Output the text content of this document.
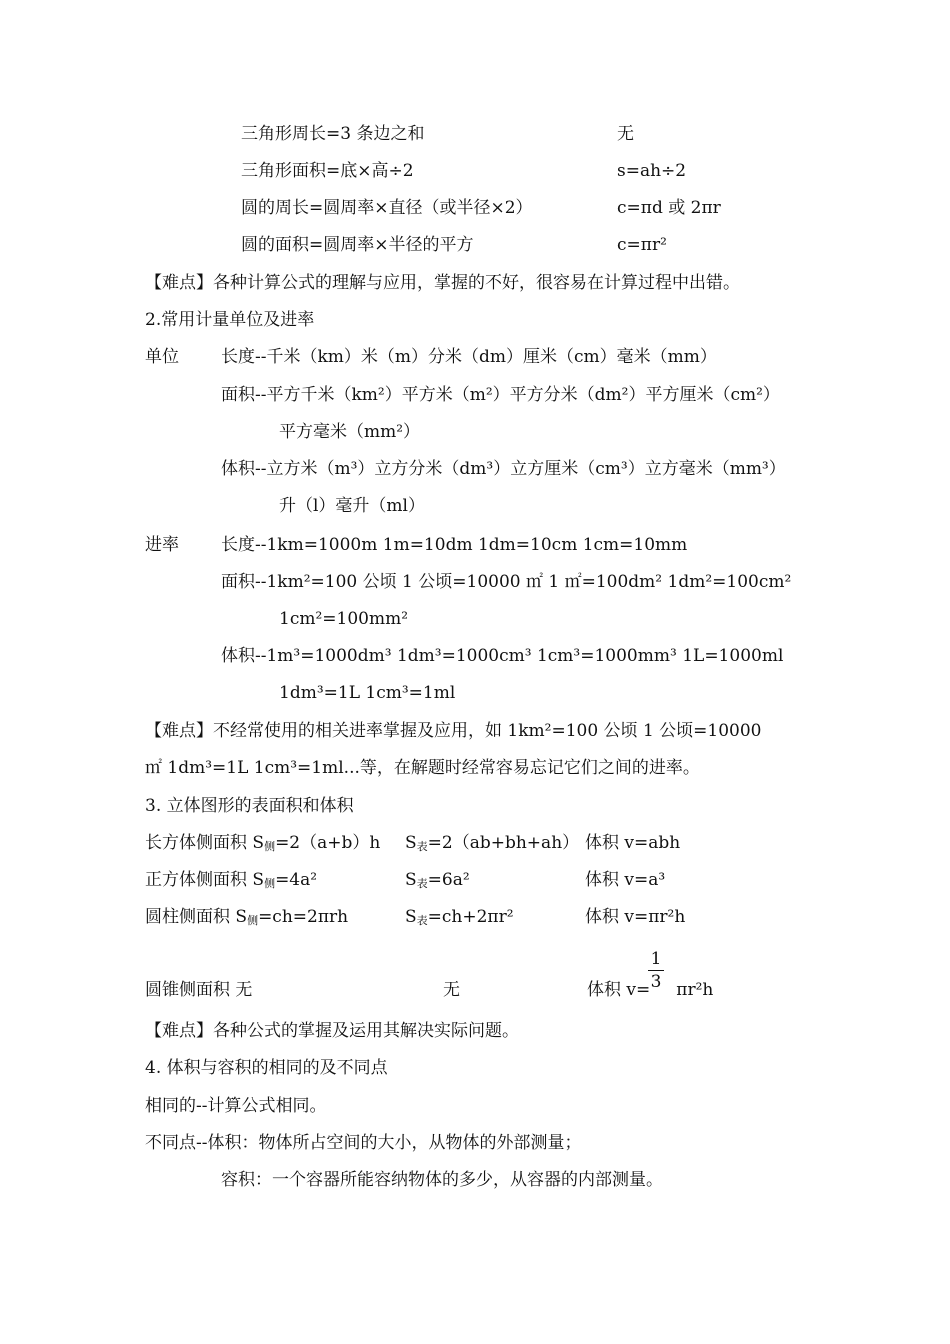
三角形周长=3 条边之和	无
三角形面积=底×高÷2	s=ah÷2
圆的周长=圆周率×直径（或半径×2）	c=πd 或 2πr
圆的面积=圆周率×半径的平方	c=πr²
【难点】各种计算公式的理解与应用，掌握的不好，很容易在计算过程中出错。
2.常用计量单位及进率
单位 长度--千米（km）米（m）分米（dm）厘米（cm）毫米（mm）
面积--平方千米（km²）平方米（m²）平方分米（dm²）平方厘米（cm²）
平方毫米（mm²）
体积--立方米（m³）立方分米（dm³）立方厘米（cm³）立方毫米（mm³）
升（l）毫升（ml）
进率 长度--1km=1000m 1m=10dm 1dm=10cm 1cm=10mm
面积--1km²=100 公顷 1 公顷=10000 ㎡ 1 ㎡=100dm² 1dm²=100cm²
1cm²=100mm²
体积--1m³=1000dm³ 1dm³=1000cm³ 1cm³=1000mm³ 1L=1000ml
1dm³=1L 1cm³=1ml
【难点】不经常使用的相关进率掌握及应用，如 1km²=100 公顷 1 公顷=10000
㎡ 1dm³=1L 1cm³=1ml...等，在解题时经常容易忘记它们之间的进率。
3. 立体图形的表面积和体积
长方体侧面积 $S_侧=2(a+b)h$ $S_表=2(ab+bh+ah)$ 体积 v=abh
正方体侧面积 $S_侧=4a^2$	$S_表=6a^2$	体积 v=a³
圆柱侧面积 $S_侧=ch=2\pi rh$	$S_表=ch+2\pi r^2$	体积 v=πr²h
圆锥侧面积 无	无	体积 v= πr²h
1
3
【难点】各种公式的掌握及运用其解决实际问题。
4. 体积与容积的相同的及不同点
相同的--计算公式相同。
不同点--体积：物体所占空间的大小，从物体的外部测量；
容积：一个容器所能容纳物体的多少，从容器的内部测量。
